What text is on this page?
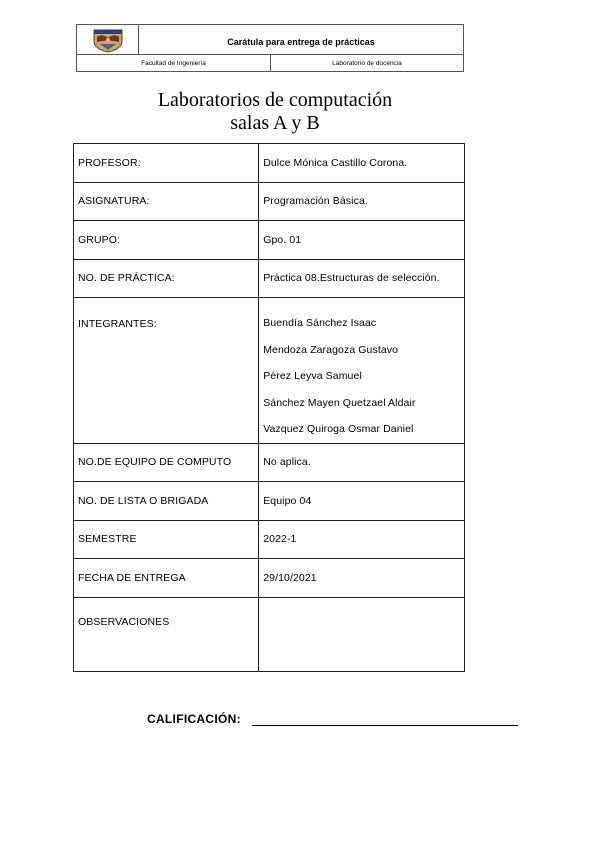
Carátula para entrega de prácticas
Facultad de Ingeniería	Laboratorio de docencia
Laboratorios de computación
salas A y B
PROFESOR:	Dulce Mónica Castillo Corona.
ASIGNATURA:	Programación Básica.
GRUPO:	Gpo. 01
NO. DE PRÁCTICA:	Práctica 08.Estructuras de selección.
INTEGRANTES:	Buendía Sánchez Isaac
Mendoza Zaragoza Gustavo
Pérez Leyva Samuel
Sánchez Mayen Quetzael Aldair
Vazquez Quiroga Osmar Daniel

NO.DE EQUIPO DE COMPUTO	No aplica.
NO. DE LISTA O BRIGADA	Equipo 04
SEMESTRE	2022-1
FECHA DE ENTREGA	29/10/2021
OBSERVACIONES	
CALIFICACIÓN:
